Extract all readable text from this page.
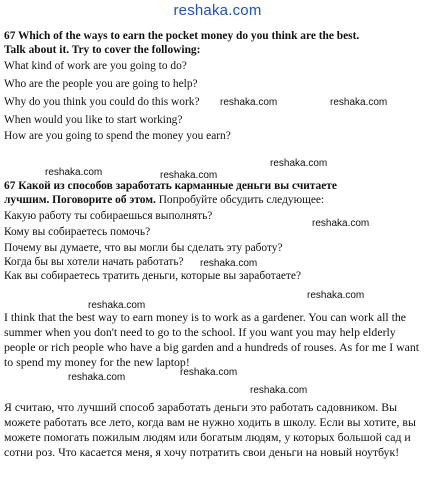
reshaka.com
67 Which of the ways to earn the pocket money do you think are the best.
Talk about it. Try to cover the following:
What kind of work are you going to do?
Who are the people you are going to help?
Why do you think you could do this work?
When would you like to start working?
How are you going to spend the money you earn?
67 Какой из способов заработать карманные деньги вы считаете
лучшим. Поговорите об этом. Попробуйте обсудить следующее:
Какую работу ты собираешься выполнять?
Кому вы собираетесь помочь?
Почему вы думаете, что вы могли бы сделать эту работу?
Когда бы вы хотели начать работать?
Как вы собираетесь тратить деньги, которые вы заработаете?
I think that the best way to earn money is to work as a gardener. You can work all the summer when you don't need to go to the school. If you want you may help elderly people or rich people who have a big garden and a hundreds of rouses. As for me I want to spend my money for the new laptop!
Я считаю, что лучший способ заработать деньги это работать садовником. Вы можете работать все лето, когда вам не нужно ходить в школу. Если вы хотите, вы можете помогать пожилым людям или богатым людям, у которых большой сад и сотни роз. Что касается меня, я хочу потратить свои деньги на новый ноутбук!
reshaka.com	reshaka.com
reshaka.com
reshaka.com
reshaka.com
reshaka.com
reshaka.com
reshaka.com
reshaka.com
reshaka.com
reshaka.com
reshaka.com
